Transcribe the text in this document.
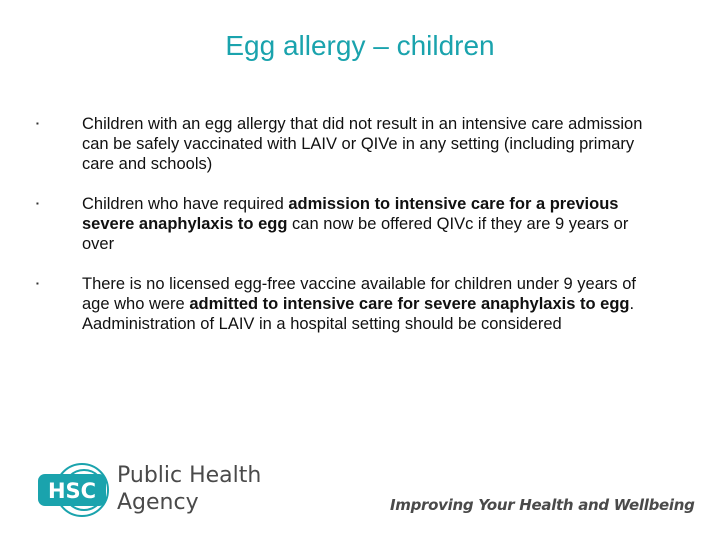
Egg allergy – children
▪	Children with an egg allergy that did not result in an intensive care admission can be safely vaccinated with LAIV or QIVe in any setting (including primary care and schools)
▪	Children who have required admission to intensive care for a previous severe anaphylaxis to egg can now be offered QIVc if they are 9 years or over
▪	There is no licensed egg-free vaccine available for children under 9 years of age who were admitted to intensive care for severe anaphylaxis to egg. Aadministration of LAIV in a hospital setting should be considered
HSC
Public Health
Agency	Improving Your Health and Wellbeing
